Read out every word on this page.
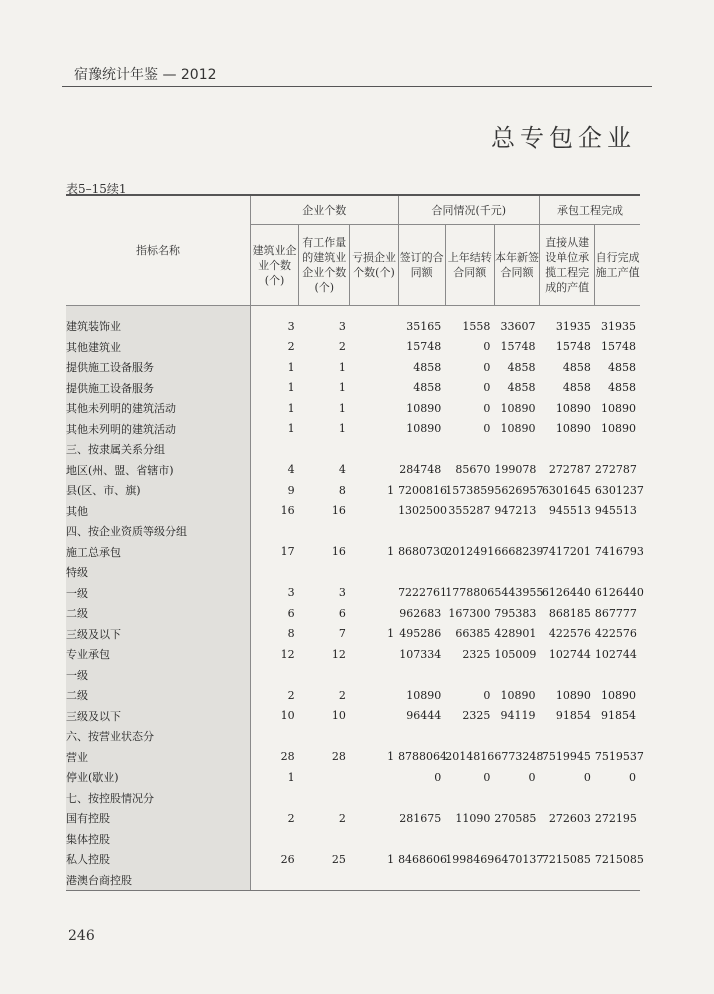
宿豫统计年鉴 — 2012
总专包企业
表5–15续1
指标名称	企业个数			合同情况(千元)			承包工程完成	
	建筑业企业个数(个)	有工作量的建筑业企业个数(个)	亏损企业个数(个)	签订的合同额	上年结转合同额	本年新签合同额	直接从建设单位承揽工程完成的产值	自行完成施工产值

建筑装饰业	3	3		35165	1558	33607	31935	31935
其他建筑业	2	2		15748	0	15748	15748	15748
提供施工设备服务	1	1		4858	0	4858	4858	4858
提供施工设备服务	1	1		4858	0	4858	4858	4858
其他未列明的建筑活动	1	1		10890	0	10890	10890	10890
其他未列明的建筑活动	1	1		10890	0	10890	10890	10890
三、按隶属关系分组								
地区(州、盟、省辖市)	4	4		284748	85670	199078	272787	272787
县(区、市、旗)	9	8	1	7200816	1573859	5626957	6301645	6301237
其他	16	16		1302500	355287	947213	945513	945513
四、按企业资质等级分组								
施工总承包	17	16	1	8680730	2012491	6668239	7417201	7416793
特级								
一级	3	3		7222761	1778806	5443955	6126440	6126440
二级	6	6		962683	167300	795383	868185	867777
三级及以下	8	7	1	495286	66385	428901	422576	422576
专业承包	12	12		107334	2325	105009	102744	102744
一级								
二级	2	2		10890	0	10890	10890	10890
三级及以下	10	10		96444	2325	94119	91854	91854
六、按营业状态分								
营业	28	28	1	8788064	2014816	6773248	7519945	7519537
停业(歇业)	1			0	0	0	0	0
七、按控股情况分								
国有控股	2	2		281675	11090	270585	272603	272195
集体控股								
私人控股	26	25	1	8468606	1998469	6470137	7215085	7215085
港澳台商控股								
246
